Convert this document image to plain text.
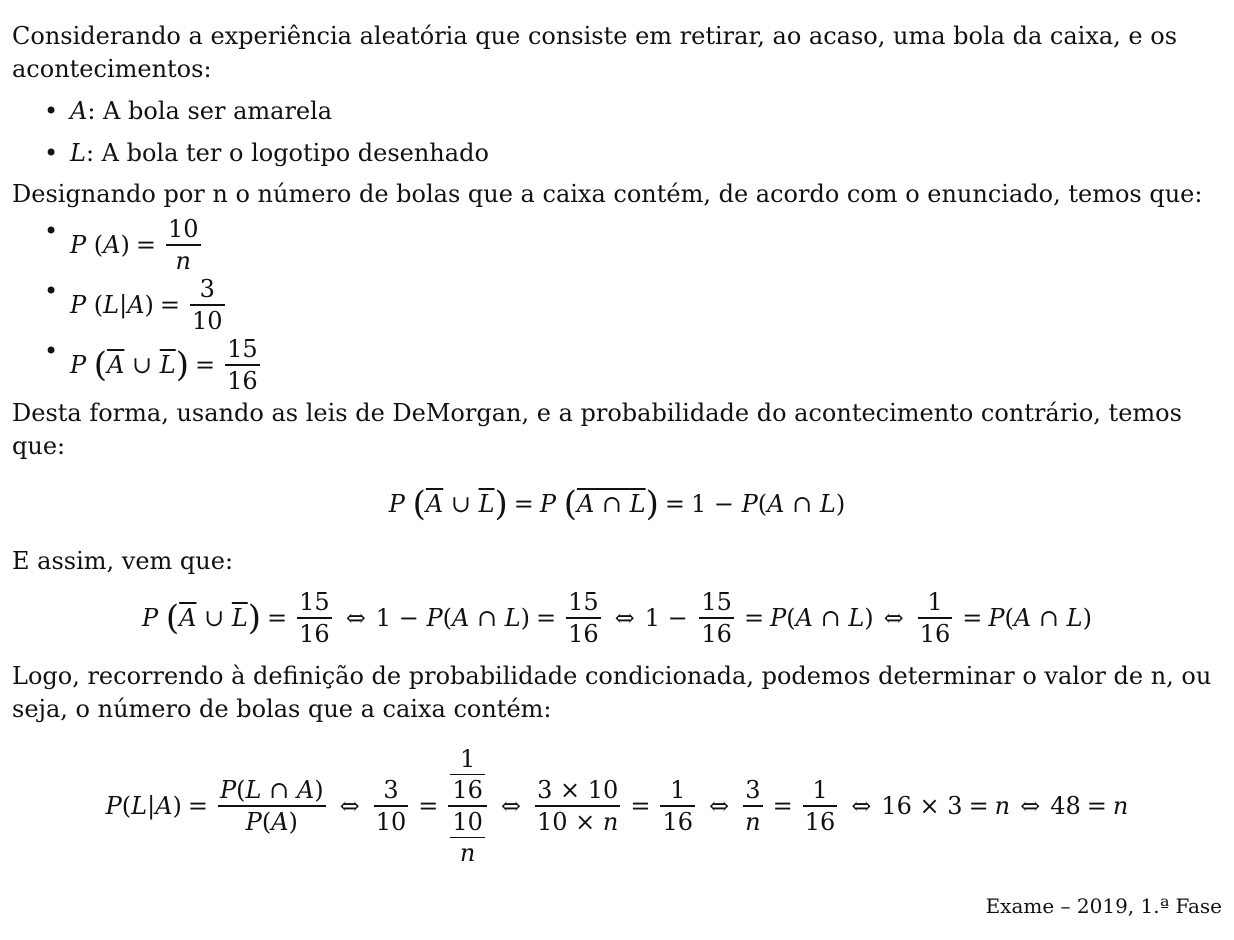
Considerando a experiência aleatória que consiste em retirar, ao acaso, uma bola da caixa, e os acontecimentos:

• A: A bola ser amarela
• L: A bola ter o logotipo desenhado

Designando por n o número de bolas que a caixa contém, de acordo com o enunciado, temos que:

• P ( A ) = $\frac{10}{n}$
• P ( L | A ) = $\frac{3}{10}$
• P
( $\overline{A}$ ∪ $\overline{L}$ ) = $\frac{15}{16}$

Desta forma, usando as leis de DeMorgan, e a probabilidade do acontecimento contrário, temos que:

P
( $\overline{A}$ ∪ $\overline{L}$ ) = P
( A ∩ L ) = 1 − P ( A ∩ L )

E assim, vem que:

P
( $\overline{A}$ ∪ $\overline{L}$ ) = $\frac{15}{16}$ ⇔ 1 − P ( A ∩ L ) = $\frac{15}{16}$ ⇔ $1 - \frac{15}{16} = P$ ( A ∩ L ) ⇔ $\frac{1}{16} = P$ ( A ∩ L )

Logo, recorrendo à definição de probabilidade condicionada, podemos determinar o valor de n, ou seja, o número de bolas que a caixa contém:

P ( L | A ) = $\frac{P(L \cap A)}{P(A)}$ ⇔ $\frac{3}{10} = \frac{\frac{1}{16}}{\frac{10}{n}}$ ⇔ $\frac{3 \times 10}{10 \times n} = \frac{1}{16}$ ⇔ $\frac{3}{n} = \frac{1}{16}$ ⇔ 16 × 3 = n ⇔ 48 = n
Exame – 2019, 1.ª Fase
